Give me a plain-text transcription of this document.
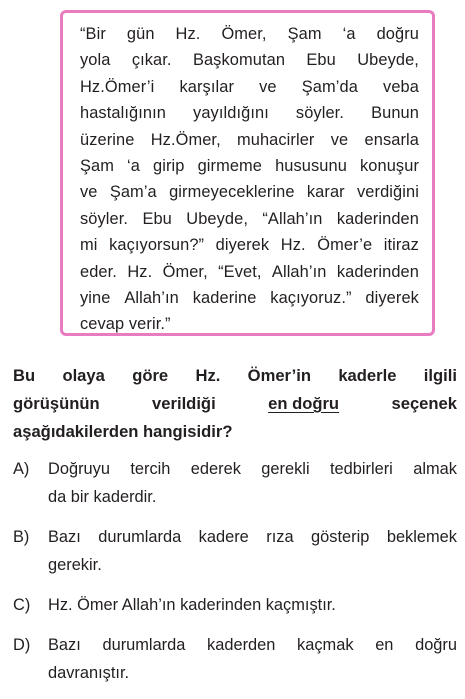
“Bir gün Hz. Ömer, Şam ‘a doğru
yola çıkar. Başkomutan Ebu Ubeyde,
Hz.Ömer’i karşılar ve Şam’da veba
hastalığının yayıldığını söyler. Bunun
üzerine Hz.Ömer, muhacirler ve ensarla
Şam ‘a girip girmeme hususunu konuşur
ve Şam’a girmeyeceklerine karar verdiğini
söyler. Ebu Ubeyde, “Allah’ın kaderinden
mi kaçıyorsun?” diyerek Hz. Ömer’e itiraz
eder. Hz. Ömer, “Evet, Allah’ın kaderinden
yine Allah’ın kaderine kaçıyoruz.” diyerek
cevap verir.”
Bu olaya göre Hz. Ömer’in kaderle ilgili
görüşünün	verildiği	en doğru	seçenek
aşağıdakilerden hangisidir?
A) Doğruyu tercih ederek gerekli tedbirleri almak
da bir kaderdir.
B) Bazı durumlarda kadere rıza gösterip beklemek
gerekir.
C) Hz. Ömer Allah’ın kaderinden kaçmıştır.
D) Bazı durumlarda kaderden kaçmak en doğru
davranıştır.
